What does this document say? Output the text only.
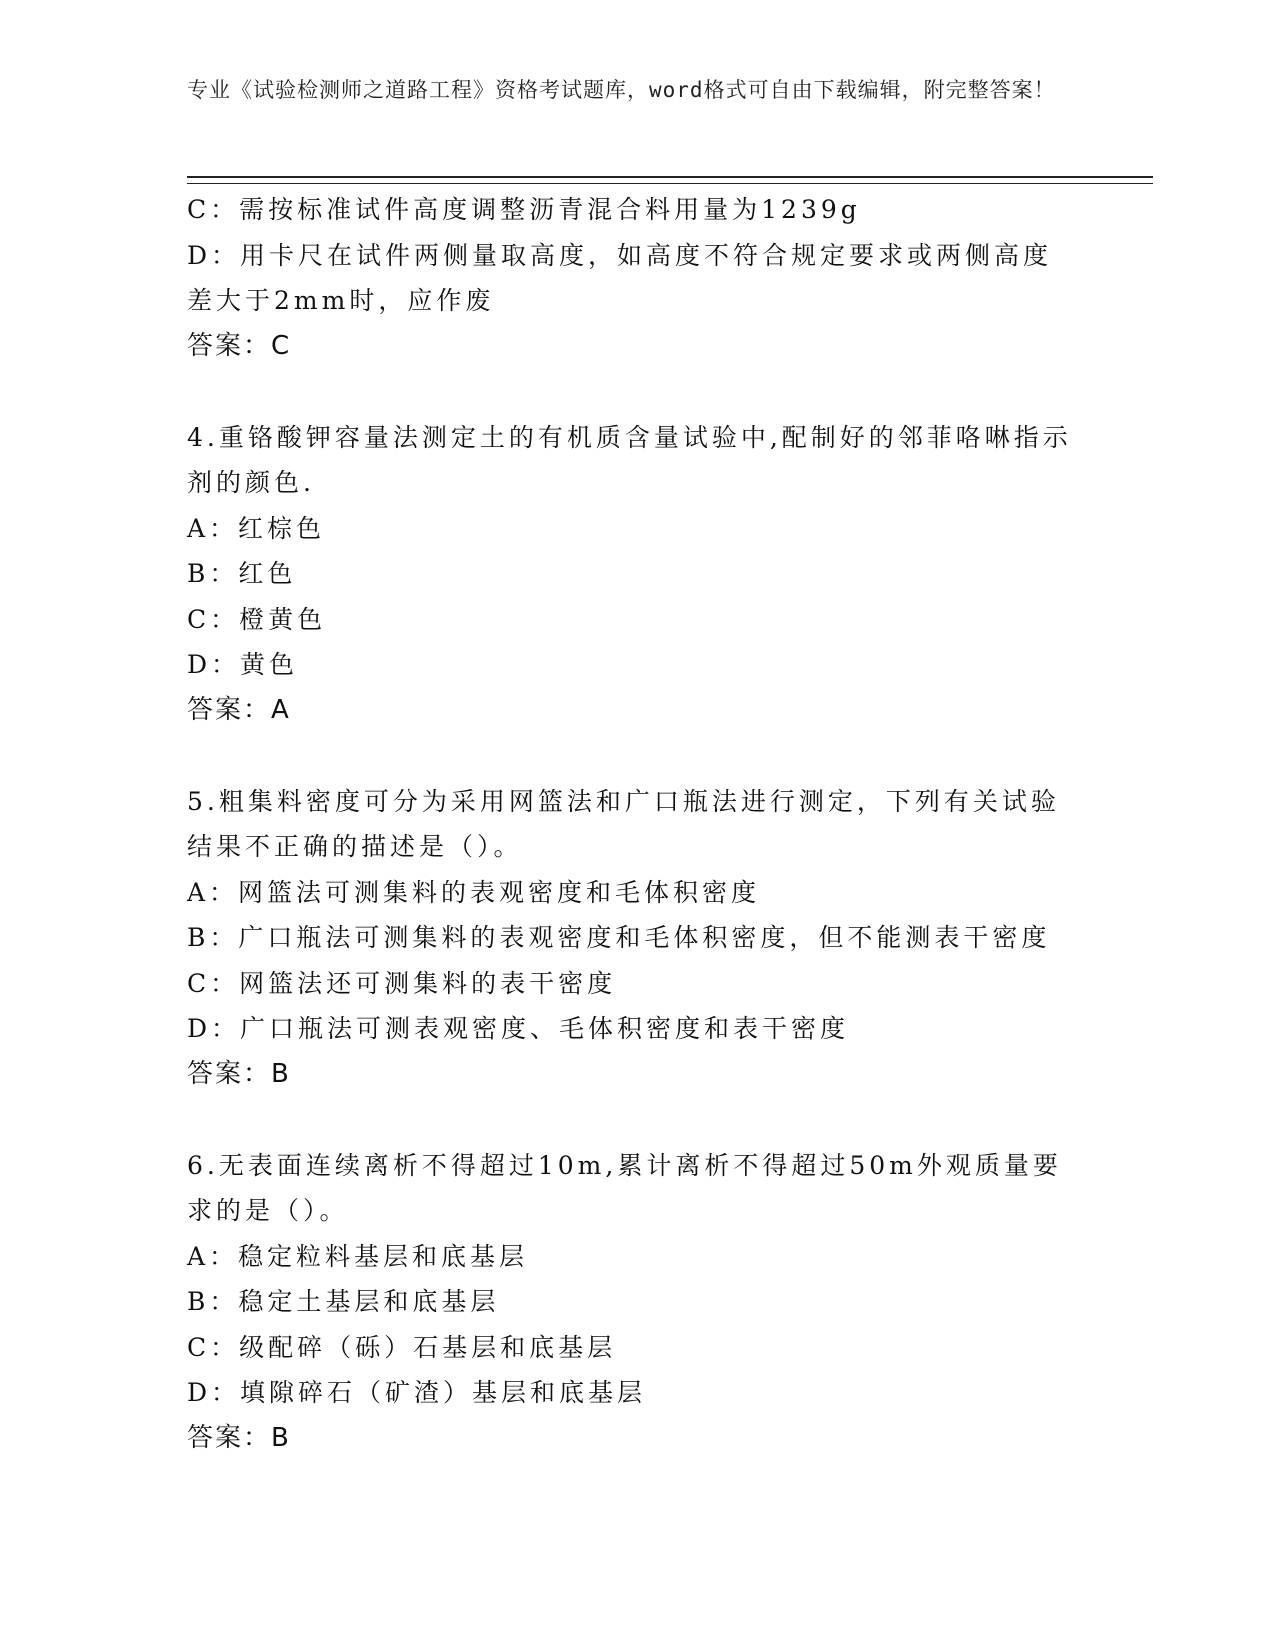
专业《试验检测师之道路工程》资格考试题库，word格式可自由下载编辑，附完整答案！
C：需按标准试件高度调整沥青混合料用量为1239g
D：用卡尺在试件两侧量取高度，如高度不符合规定要求或两侧高度差大于2mm时，应作废
答案：C
4.重铬酸钾容量法测定土的有机质含量试验中,配制好的邻菲咯啉指示剂的颜色.
A：红棕色
B：红色
C：橙黄色
D：黄色
答案：A
5.粗集料密度可分为采用网篮法和广口瓶法进行测定，下列有关试验结果不正确的描述是（）。
A：网篮法可测集料的表观密度和毛体积密度
B：广口瓶法可测集料的表观密度和毛体积密度，但不能测表干密度
C：网篮法还可测集料的表干密度
D：广口瓶法可测表观密度、毛体积密度和表干密度
答案：B
6.无表面连续离析不得超过10m,累计离析不得超过50m外观质量要求的是（）。
A：稳定粒料基层和底基层
B：稳定土基层和底基层
C：级配碎（砾）石基层和底基层
D：填隙碎石（矿渣）基层和底基层
答案：B
